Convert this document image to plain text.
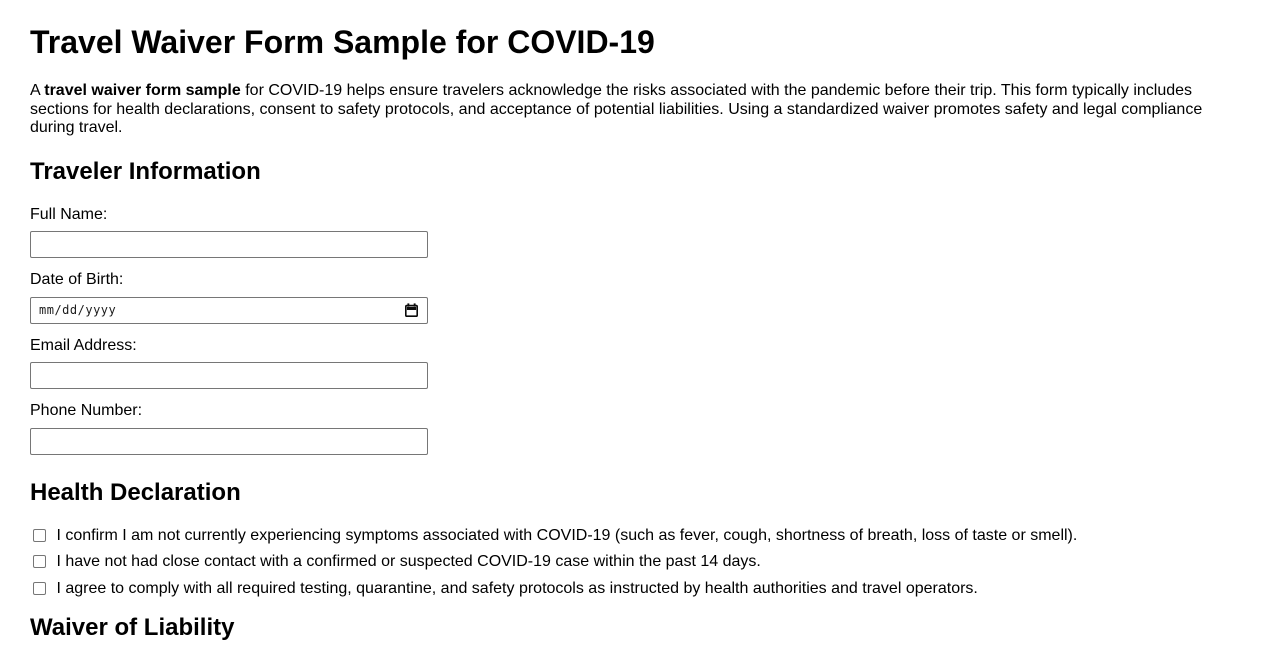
Travel Waiver Form Sample for COVID-19

A travel waiver form sample for COVID-19 helps ensure travelers acknowledge the risks associated with the pandemic before their trip. This form typically includes sections for health declarations, consent to safety protocols, and acceptance of potential liabilities. Using a standardized waiver promotes safety and legal compliance during travel.

Traveler Information
Full Name:
Date of Birth:
mm/dd/yyyy
Email Address:
Phone Number:
Health Declaration
I confirm I am not currently experiencing symptoms associated with COVID-19 (such as fever, cough, shortness of breath, loss of taste or smell).
I have not had close contact with a confirmed or suspected COVID-19 case within the past 14 days.
I agree to comply with all required testing, quarantine, and safety protocols as instructed by health authorities and travel operators.
Waiver of Liability
